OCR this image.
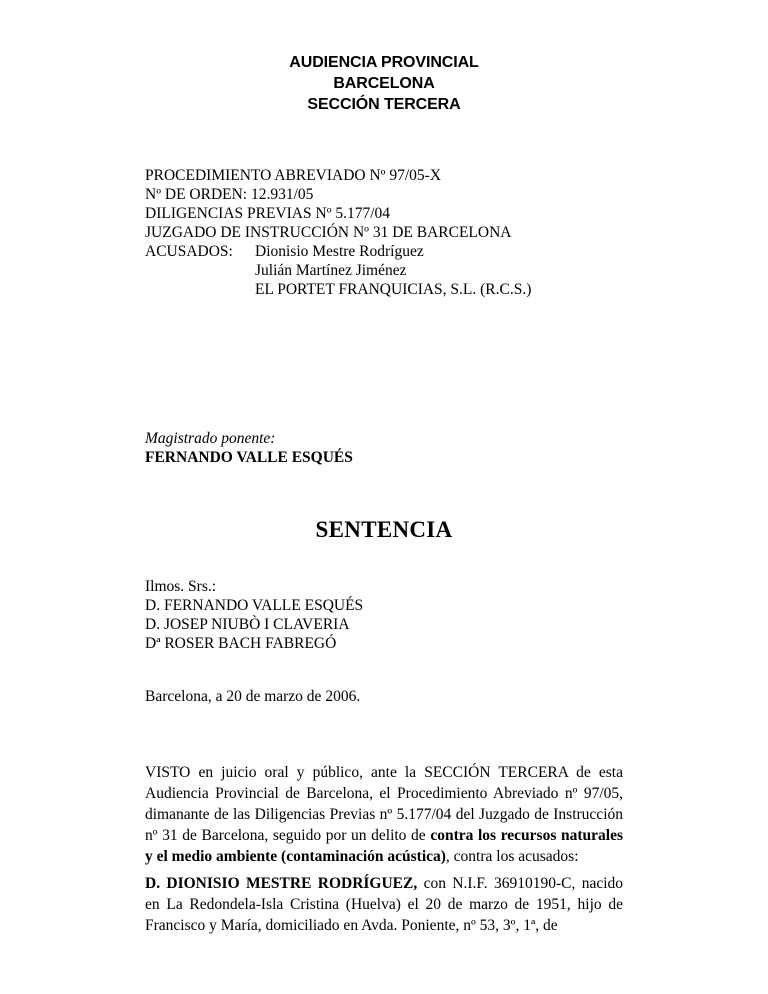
AUDIENCIA PROVINCIAL
BARCELONA
SECCIÓN TERCERA
PROCEDIMIENTO ABREVIADO Nº 97/05-X
Nº DE ORDEN: 12.931/05
DILIGENCIAS PREVIAS Nº 5.177/04
JUZGADO DE INSTRUCCIÓN Nº 31 DE BARCELONA
ACUSADOS:	Dionisio Mestre Rodríguez
Julián Martínez Jiménez
EL PORTET FRANQUICIAS, S.L. (R.C.S.)
Magistrado ponente:
FERNANDO VALLE ESQUÉS
SENTENCIA
Ilmos. Srs.:
D. FERNANDO VALLE ESQUÉS
D. JOSEP NIUBÒ I CLAVERIA
Dª ROSER BACH FABREGÓ
Barcelona, a 20 de marzo de 2006.
VISTO en juicio oral y público, ante la SECCIÓN TERCERA de esta Audiencia Provincial de Barcelona, el Procedimiento Abreviado nº 97/05, dimanante de las Diligencias Previas nº 5.177/04 del Juzgado de Instrucción nº 31 de Barcelona, seguido por un delito de contra los recursos naturales y el medio ambiente (contaminación acústica), contra los acusados:
D. DIONISIO MESTRE RODRÍGUEZ, con N.I.F. 36910190-C, nacido en La Redondela-Isla Cristina (Huelva) el 20 de marzo de 1951, hijo de Francisco y María, domiciliado en Avda. Poniente, nº 53, 3º, 1ª, de
